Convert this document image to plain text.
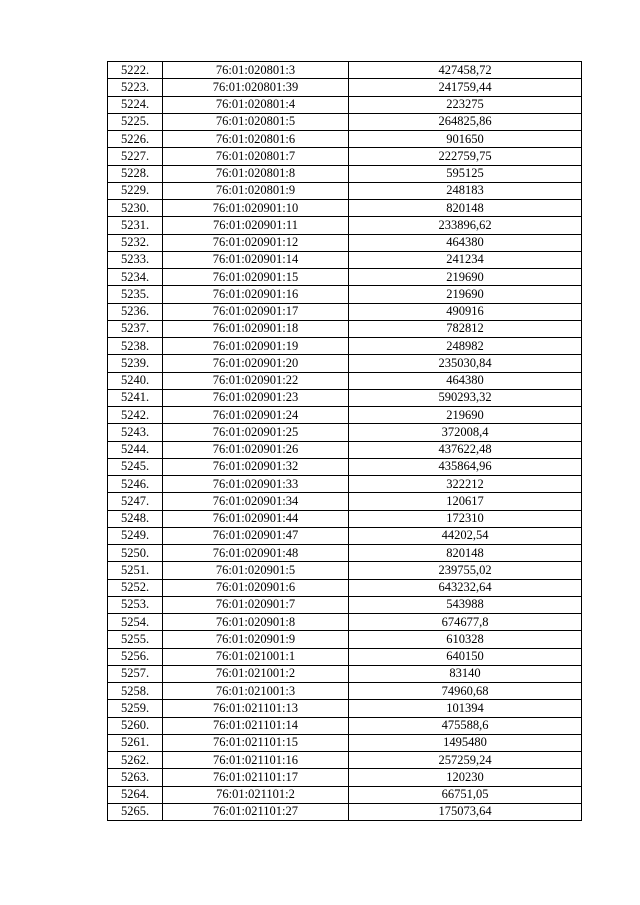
5222.	76:01:020801:3	427458,72
5223.	76:01:020801:39	241759,44
5224.	76:01:020801:4	223275
5225.	76:01:020801:5	264825,86
5226.	76:01:020801:6	901650
5227.	76:01:020801:7	222759,75
5228.	76:01:020801:8	595125
5229.	76:01:020801:9	248183
5230.	76:01:020901:10	820148
5231.	76:01:020901:11	233896,62
5232.	76:01:020901:12	464380
5233.	76:01:020901:14	241234
5234.	76:01:020901:15	219690
5235.	76:01:020901:16	219690
5236.	76:01:020901:17	490916
5237.	76:01:020901:18	782812
5238.	76:01:020901:19	248982
5239.	76:01:020901:20	235030,84
5240.	76:01:020901:22	464380
5241.	76:01:020901:23	590293,32
5242.	76:01:020901:24	219690
5243.	76:01:020901:25	372008,4
5244.	76:01:020901:26	437622,48
5245.	76:01:020901:32	435864,96
5246.	76:01:020901:33	322212
5247.	76:01:020901:34	120617
5248.	76:01:020901:44	172310
5249.	76:01:020901:47	44202,54
5250.	76:01:020901:48	820148
5251.	76:01:020901:5	239755,02
5252.	76:01:020901:6	643232,64
5253.	76:01:020901:7	543988
5254.	76:01:020901:8	674677,8
5255.	76:01:020901:9	610328
5256.	76:01:021001:1	640150
5257.	76:01:021001:2	83140
5258.	76:01:021001:3	74960,68
5259.	76:01:021101:13	101394
5260.	76:01:021101:14	475588,6
5261.	76:01:021101:15	1495480
5262.	76:01:021101:16	257259,24
5263.	76:01:021101:17	120230
5264.	76:01:021101:2	66751,05
5265.	76:01:021101:27	175073,64
